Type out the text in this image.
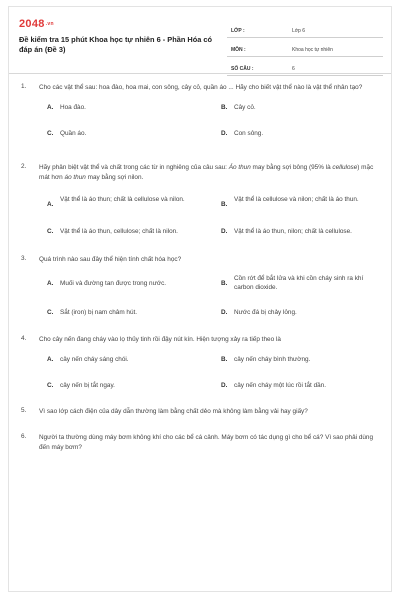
2048.vn
Đề kiểm tra 15 phút Khoa học tự nhiên 6 - Phần Hóa có đáp án (Đề 3)
LỚP :	Lớp 6
MÔN :	Khoa học tự nhiên
SỐ CÂU :	6
1. Cho các vật thể sau: hoa đào, hoa mai, con sông, cây cỏ, quần áo ... Hãy cho biết vật thể nào là vật thể nhân tạo?
A. Hoa đào.	B. Cây cỏ.
C. Quần áo.	D. Con sông.
2. Hãy phân biệt vật thể và chất trong các từ in nghiêng của câu sau: Áo thun may bằng sợi bông (95% là cellulose) mặc mát hơn áo thun may bằng sợi nilon.
A.
Vật thể là áo thun; chất là cellulose và nilon.
B.
Vật thể là cellulose và nilon; chất là áo thun.
C. Vật thể là áo thun, cellulose; chất là nilon.	D. Vật thể là áo thun, nilon; chất là cellulose.
3. Quá trình nào sau đây thể hiện tính chất hóa học?
A. Muối và đường tan được trong nước.	B.
Cồn rớt để bắt lửa và khi cồn cháy sinh ra khí carbon dioxide.
C. Sắt (iron) bị nam châm hút.	D. Nước đá bị chảy lỏng.
4. Cho cây nến đang cháy vào lọ thủy tinh rồi đậy nút kín. Hiện tượng xảy ra tiếp theo là
A. cây nến cháy sáng chói.	B. cây nến cháy bình thường.
C. cây nến bị tắt ngay.	D. cây nến cháy một lúc rồi tắt dần.
5. Vì sao lớp cách điện của dây dẫn thường làm bằng chất dẻo mà không làm bằng vải hay giấy?
6. Người ta thường dùng máy bơm không khí cho các bể cá cảnh. Máy bơm có tác dụng gì cho bể cá? Vì sao phải dùng đến máy bơm?
